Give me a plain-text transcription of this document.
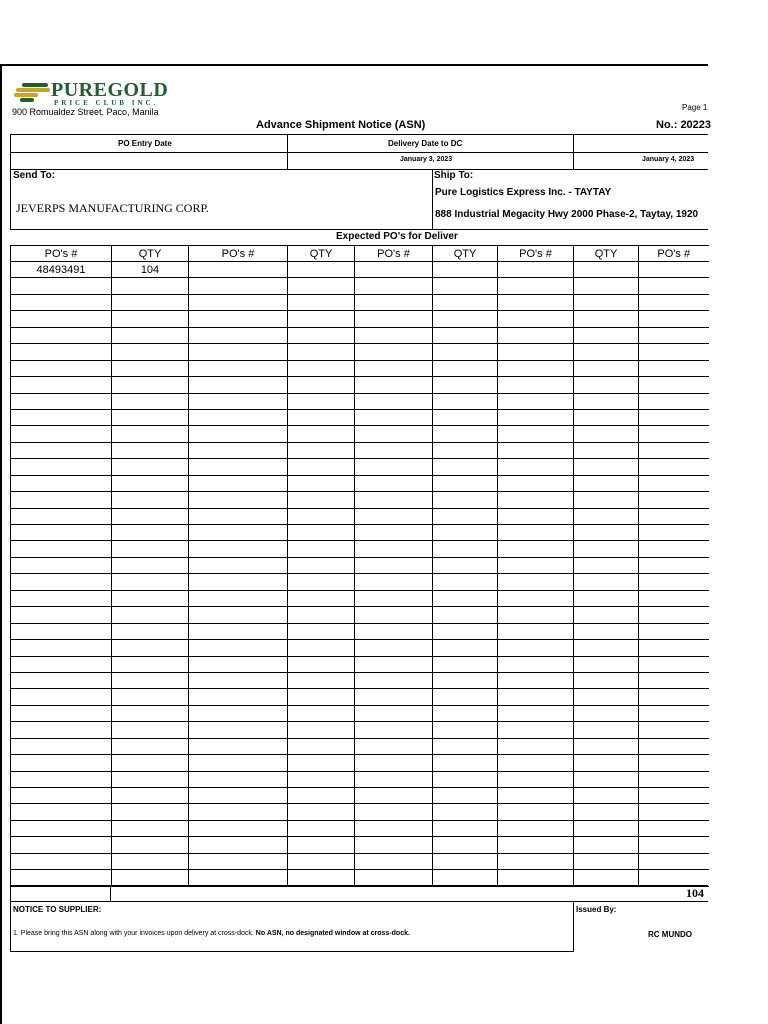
PUREGOLD
PRICE CLUB INC.
900 Romualdez Street. Paco, Manila	Page 1
Advance Shipment Notice (ASN)	No.: 20223
PO Entry Date	Delivery Date to DC
January 3, 2023	January 4, 2023
Send To:
JEVERPS MANUFACTURING CORP.
Ship To:
Pure Logistics Express Inc. - TAYTAY
888 Industrial Megacity Hwy 2000 Phase-2, Taytay, 1920
Expected PO's for Deliver
PO's #	QTY	PO's #	QTY	PO's #	QTY	PO's #	QTY	PO's #
48493491	104							

104
NOTICE TO SUPPLIER:
1. Please bring this ASN along with your invoices upon delivery at cross-dock. No ASN, no designated window at cross-dock.
Issued By:
RC MUNDO
